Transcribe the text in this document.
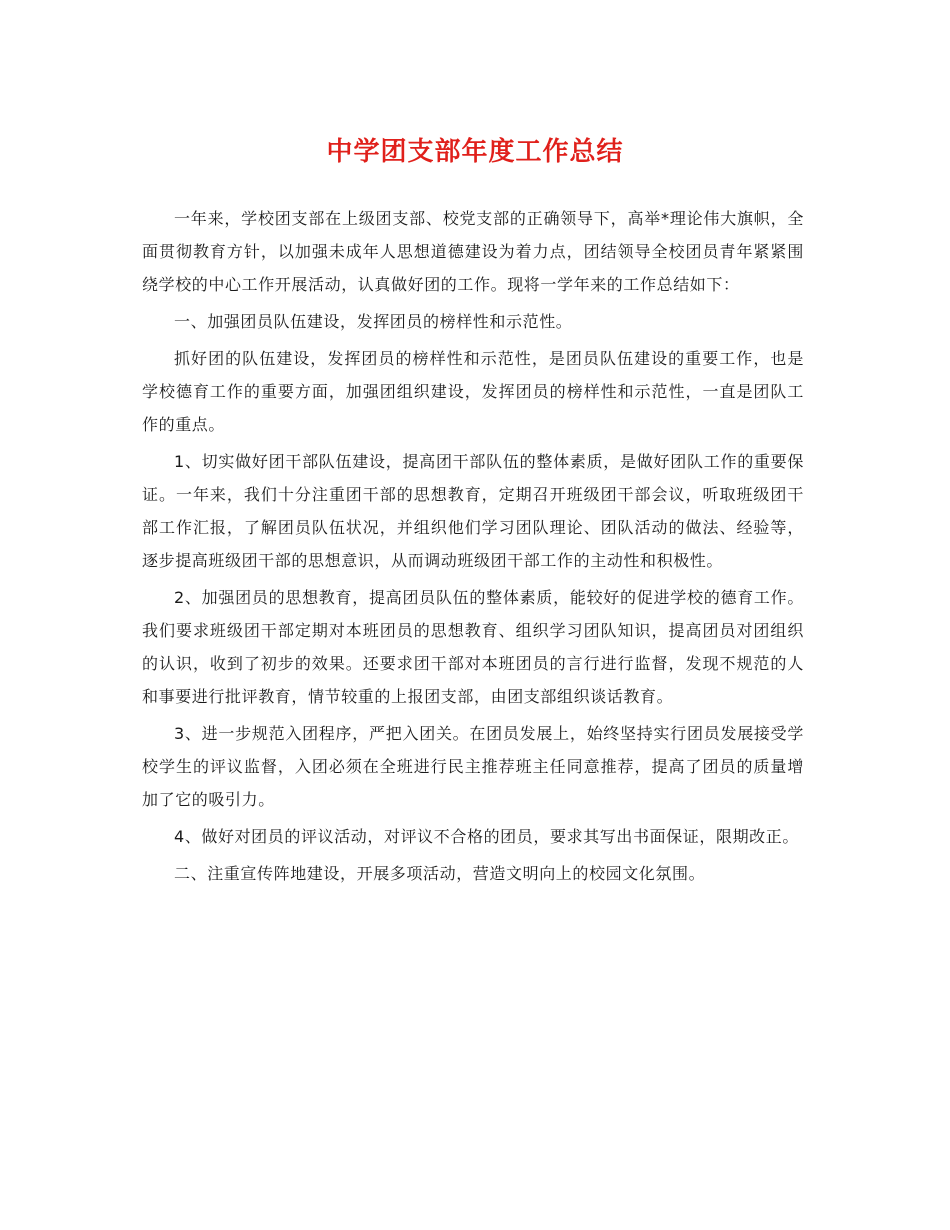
中学团支部年度工作总结

一年来，学校团支部在上级团支部、校党支部的正确领导下，高举*理论伟大旗帜，全面贯彻教育方针，以加强未成年人思想道德建设为着力点，团结领导全校团员青年紧紧围绕学校的中心工作开展活动，认真做好团的工作。现将一学年来的工作总结如下：

一、加强团员队伍建设，发挥团员的榜样性和示范性。

抓好团的队伍建设，发挥团员的榜样性和示范性，是团员队伍建设的重要工作，也是学校德育工作的重要方面，加强团组织建设，发挥团员的榜样性和示范性，一直是团队工作的重点。

1、切实做好团干部队伍建设，提高团干部队伍的整体素质，是做好团队工作的重要保证。一年来，我们十分注重团干部的思想教育，定期召开班级团干部会议，听取班级团干部工作汇报，了解团员队伍状况，并组织他们学习团队理论、团队活动的做法、经验等，逐步提高班级团干部的思想意识，从而调动班级团干部工作的主动性和积极性。

2、加强团员的思想教育，提高团员队伍的整体素质，能较好的促进学校的德育工作。我们要求班级团干部定期对本班团员的思想教育、组织学习团队知识，提高团员对团组织的认识，收到了初步的效果。还要求团干部对本班团员的言行进行监督，发现不规范的人和事要进行批评教育，情节较重的上报团支部，由团支部组织谈话教育。

3、进一步规范入团程序，严把入团关。在团员发展上，始终坚持实行团员发展接受学校学生的评议监督，入团必须在全班进行民主推荐班主任同意推荐，提高了团员的质量增加了它的吸引力。

4、做好对团员的评议活动，对评议不合格的团员，要求其写出书面保证，限期改正。

二、注重宣传阵地建设，开展多项活动，营造文明向上的校园文化氛围。
